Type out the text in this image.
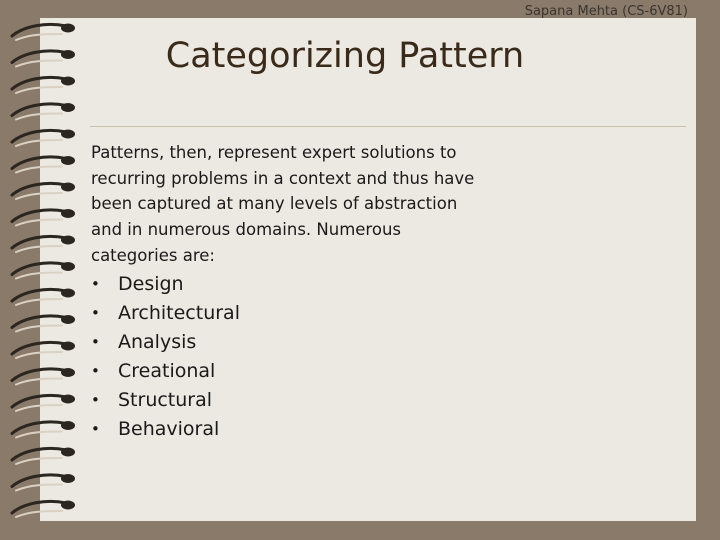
Sapana Mehta (CS-6V81)
Categorizing Pattern
Patterns, then, represent expert solutions to
recurring problems in a context and thus have
been captured at many levels of abstraction
and in numerous domains. Numerous
categories are:
• Design
• Architectural
• Analysis
• Creational
• Structural
• Behavioral
